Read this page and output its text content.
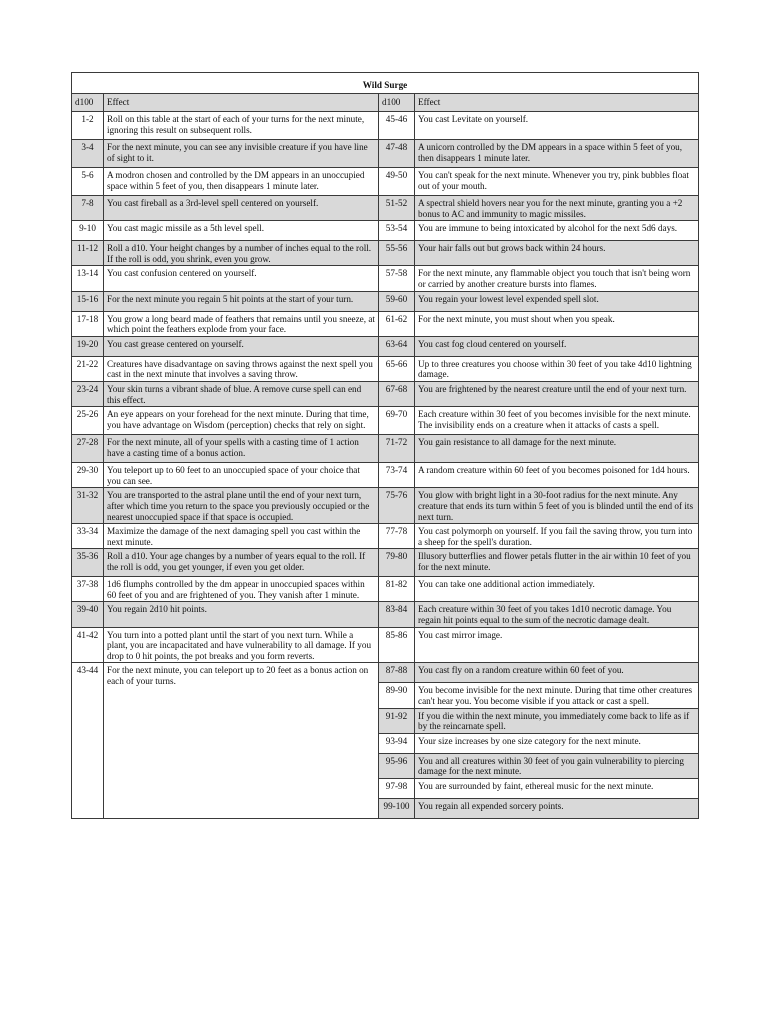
Wild Surge			
d100	Effect	d100	Effect
1-2	Roll on this table at the start of each of your turns for the next minute, ignoring this result on subsequent rolls.	45-46	You cast Levitate on yourself.
3-4	For the next minute, you can see any invisible creature if you have line of sight to it.	47-48	A unicorn controlled by the DM appears in a space within 5 feet of you, then disappears 1 minute later.
5-6	A modron chosen and controlled by the DM appears in an unoccupied space within 5 feet of you, then disappears 1 minute later.	49-50	You can't speak for the next minute. Whenever you try, pink bubbles float out of your mouth.
7-8	You cast fireball as a 3rd-level spell centered on yourself.	51-52	A spectral shield hovers near you for the next minute, granting you a +2 bonus to AC and immunity to magic missiles.
9-10	You cast magic missile as a 5th level spell.	53-54	You are immune to being intoxicated by alcohol for the next 5d6 days.
11-12	Roll a d10. Your height changes by a number of inches equal to the roll. If the roll is odd, you shrink, even you grow.	55-56	Your hair falls out but grows back within 24 hours.
13-14	You cast confusion centered on yourself.	57-58	For the next minute, any flammable object you touch that isn't being worn or carried by another creature bursts into flames.
15-16	For the next minute you regain 5 hit points at the start of your turn.	59-60	You regain your lowest level expended spell slot.
17-18	You grow a long beard made of feathers that remains until you sneeze, at which point the feathers explode from your face.	61-62	For the next minute, you must shout when you speak.
19-20	You cast grease centered on yourself.	63-64	You cast fog cloud centered on yourself.
21-22	Creatures have disadvantage on saving throws against the next spell you cast in the next minute that involves a saving throw.	65-66	Up to three creatures you choose within 30 feet of you take 4d10 lightning damage.
23-24	Your skin turns a vibrant shade of blue. A remove curse spell can end this effect.	67-68	You are frightened by the nearest creature until the end of your next turn.
25-26	An eye appears on your forehead for the next minute. During that time, you have advantage on Wisdom (perception) checks that rely on sight.	69-70	Each creature within 30 feet of you becomes invisible for the next minute. The invisibility ends on a creature when it attacks of casts a spell.
27-28	For the next minute, all of your spells with a casting time of 1 action have a casting time of a bonus action.	71-72	You gain resistance to all damage for the next minute.
29-30	You teleport up to 60 feet to an unoccupied space of your choice that you can see.	73-74	A random creature within 60 feet of you becomes poisoned for 1d4 hours.
31-32	You are transported to the astral plane until the end of your next turn, after which time you return to the space you previously occupied or the nearest unoccupied space if that space is occupied.	75-76	You glow with bright light in a 30-foot radius for the next minute. Any creature that ends its turn within 5 feet of you is blinded until the end of its next turn.
33-34	Maximize the damage of the next damaging spell you cast within the next minute.	77-78	You cast polymorph on yourself. If you fail the saving throw, you turn into a sheep for the spell's duration.
35-36	Roll a d10. Your age changes by a number of years equal to the roll. If the roll is odd, you get younger, if even you get older.	79-80	Illusory butterflies and flower petals flutter in the air within 10 feet of you for the next minute.
37-38	1d6 flumphs controlled by the dm appear in unoccupied spaces within 60 feet of you and are frightened of you. They vanish after 1 minute.	81-82	You can take one additional action immediately.
39-40	You regain 2d10 hit points.	83-84	Each creature within 30 feet of you takes 1d10 necrotic damage. You regain hit points equal to the sum of the necrotic damage dealt.
41-42	You turn into a potted plant until the start of you next turn. While a plant, you are incapacitated and have vulnerability to all damage. If you drop to 0 hit points, the pot breaks and you form reverts.	85-86	You cast mirror image.
43-44	For the next minute, you can teleport up to 20 feet as a bonus action on each of your turns.	87-88	You cast fly on a random creature within 60 feet of you.
		89-90	You become invisible for the next minute. During that time other creatures can't hear you. You become visible if you attack or cast a spell.
		91-92	If you die within the next minute, you immediately come back to life as if by the reincarnate spell.
		93-94	Your size increases by one size category for the next minute.
		95-96	You and all creatures within 30 feet of you gain vulnerability to piercing damage for the next minute.
		97-98	You are surrounded by faint, ethereal music for the next minute.
		99-100	You regain all expended sorcery points.
